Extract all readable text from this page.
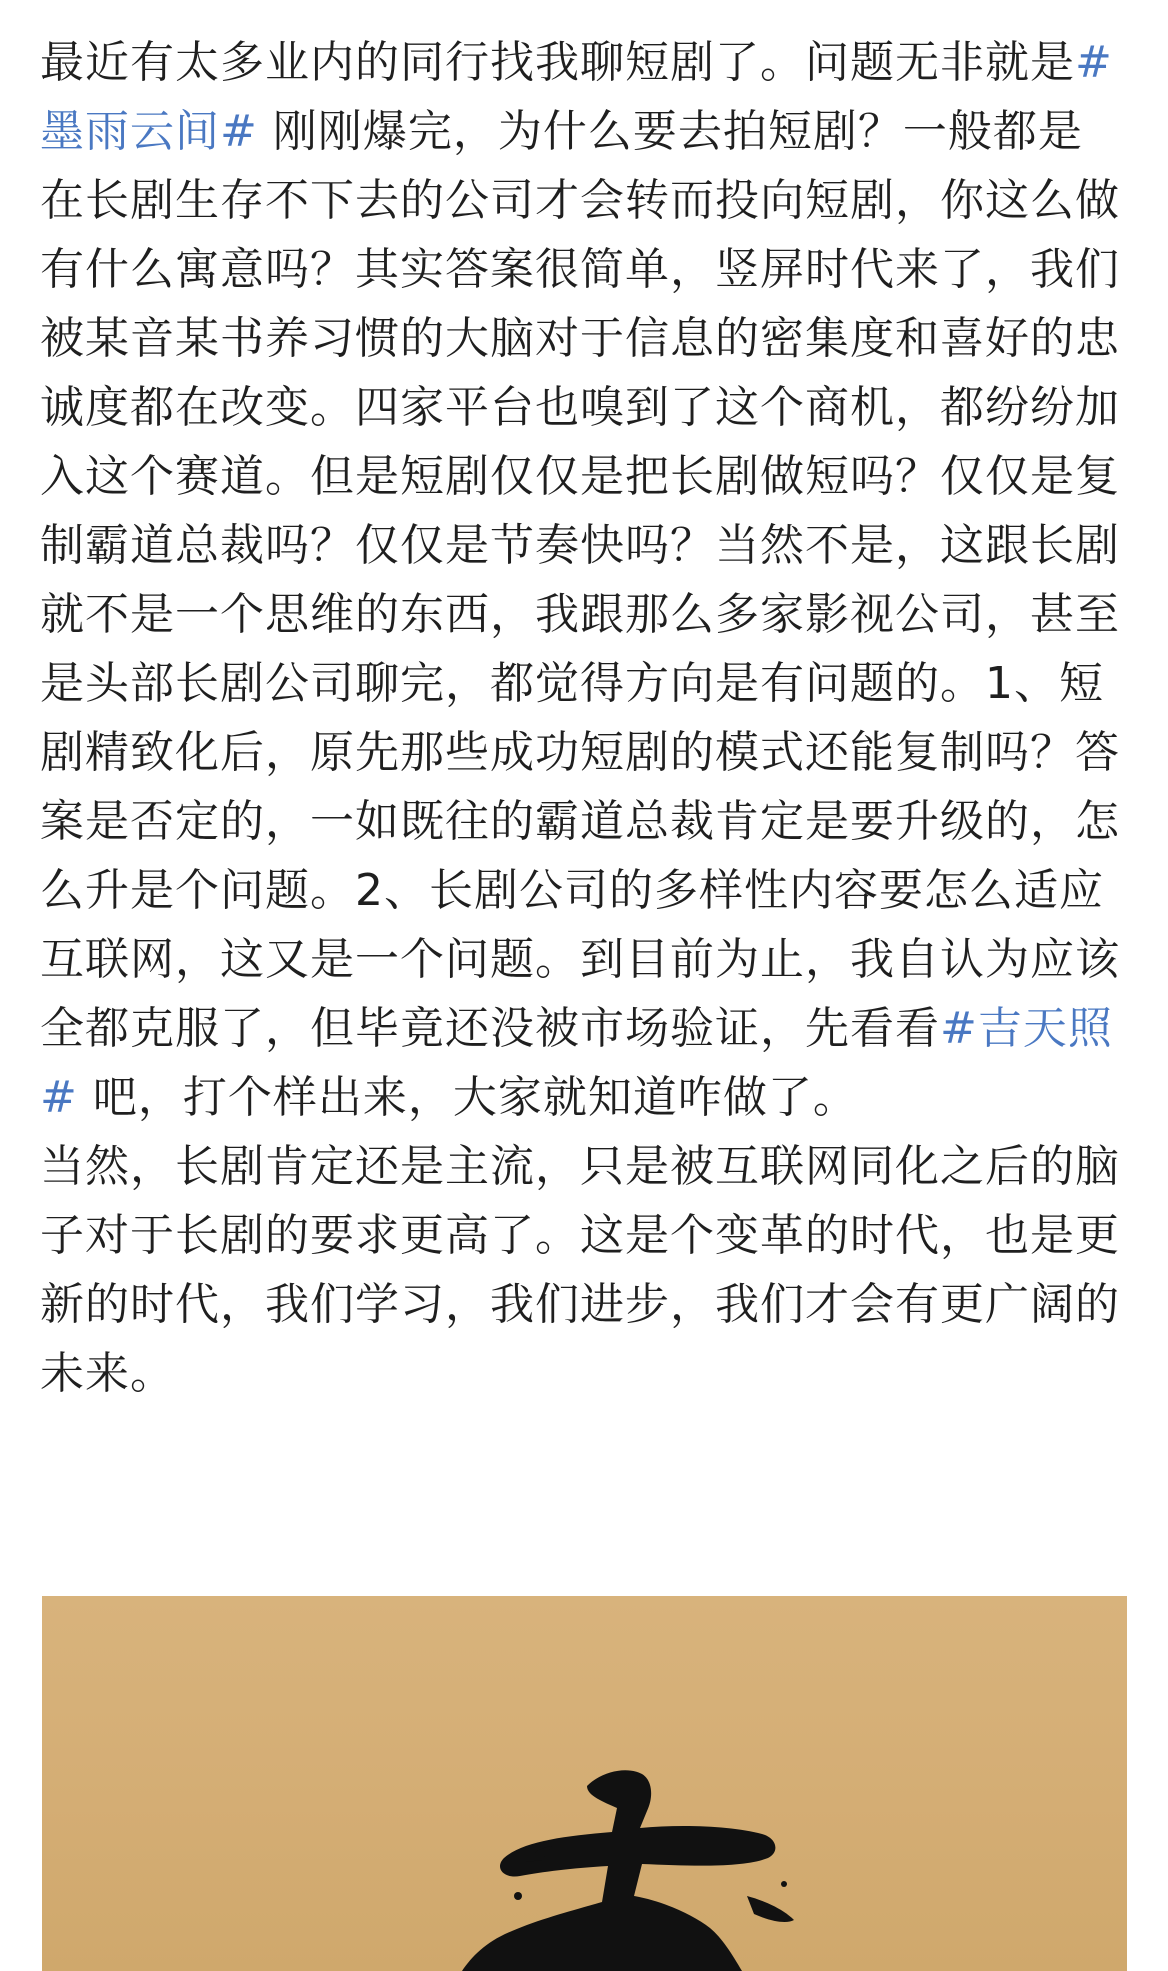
最近有太多业内的同行找我聊短剧了。问题无非就是#墨雨云间# 刚刚爆完，为什么要去拍短剧？一般都是在长剧生存不下去的公司才会转而投向短剧，你这么做有什么寓意吗？其实答案很简单，竖屏时代来了，我们被某音某书养习惯的大脑对于信息的密集度和喜好的忠诚度都在改变。四家平台也嗅到了这个商机，都纷纷加入这个赛道。但是短剧仅仅是把长剧做短吗？仅仅是复制霸道总裁吗？仅仅是节奏快吗？当然不是，这跟长剧就不是一个思维的东西，我跟那么多家影视公司，甚至是头部长剧公司聊完，都觉得方向是有问题的。1、短剧精致化后，原先那些成功短剧的模式还能复制吗？答案是否定的，一如既往的霸道总裁肯定是要升级的，怎么升是个问题。2、长剧公司的多样性内容要怎么适应互联网，这又是一个问题。到目前为止，我自认为应该全都克服了，但毕竟还没被市场验证，先看看#吉天照# 吧，打个样出来，大家就知道咋做了。

当然，长剧肯定还是主流，只是被互联网同化之后的脑子对于长剧的要求更高了。这是个变革的时代，也是更新的时代，我们学习，我们进步，我们才会有更广阔的未来。
